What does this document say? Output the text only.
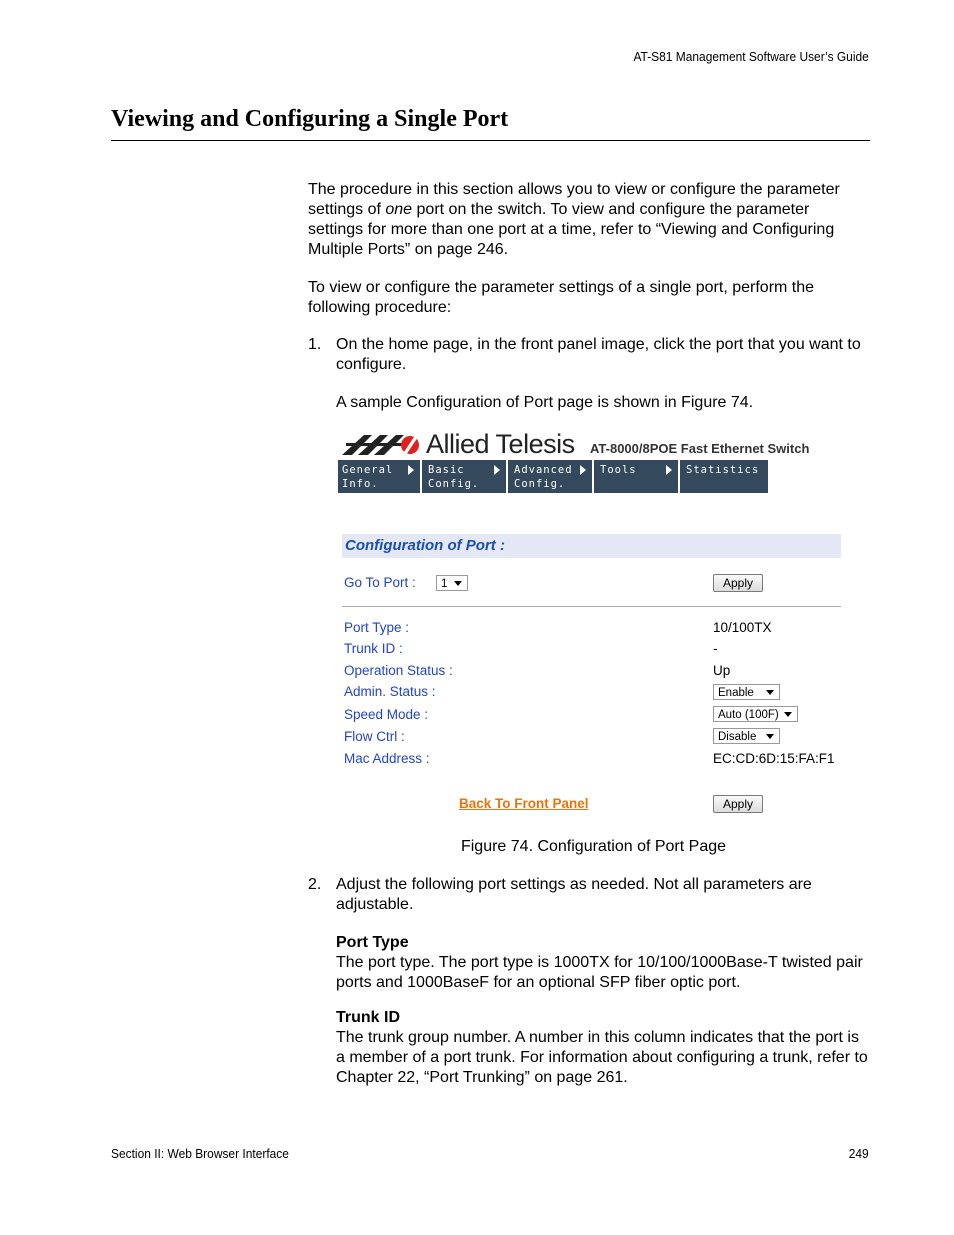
AT-S81 Management Software User’s Guide
Viewing and Configuring a Single Port
The procedure in this section allows you to view or configure the parameter settings of one port on the switch. To view and configure the parameter settings for more than one port at a time, refer to “Viewing and Configuring Multiple Ports” on page 246.
To view or configure the parameter settings of a single port, perform the following procedure:
1. On the home page, in the front panel image, click the port that you want to configure.
A sample Configuration of Port page is shown in Figure 74.
Allied Telesis AT-8000/8POE Fast Ethernet Switch
General Info.
Basic Config.
Advanced Config.
Tools	Statistics
Configuration of Port :
Go To Port :	1	Apply
Port Type :	10/100TX
Trunk ID :	-
Operation Status :	Up
Admin. Status :	Enable
Speed Mode :	Auto (100F)
Flow Ctrl :	Disable
Mac Address :	EC:CD:6D:15:FA:F1
Back To Front Panel	Apply
Figure 74. Configuration of Port Page
2. Adjust the following port settings as needed. Not all parameters are adjustable.
Port Type
The port type. The port type is 1000TX for 10/100/1000Base-T twisted pair ports and 1000BaseF for an optional SFP fiber optic port.
Trunk ID
The trunk group number. A number in this column indicates that the port is a member of a port trunk. For information about configuring a trunk, refer to Chapter 22, “Port Trunking” on page 261.
Section II: Web Browser Interface	249
